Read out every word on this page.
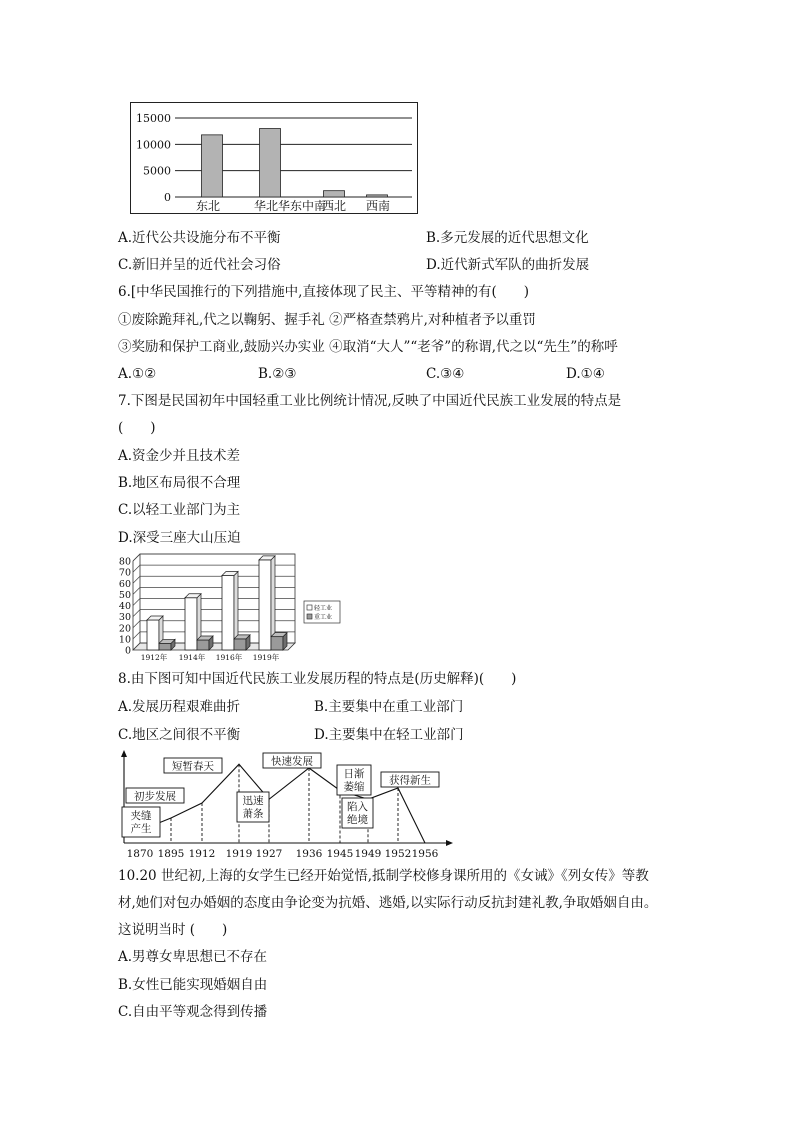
15000
10000
5000
0
东北	华北华东中南
西北 西南
A.近代公共设施分布不平衡	B.多元发展的近代思想文化
C.新旧并呈的近代社会习俗	D.近代新式军队的曲折发展
6.[中华民国推行的下列措施中,直接体现了民主、平等精神的有(　　)
①废除跪拜礼,代之以鞠躬、握手礼 ②严格查禁鸦片,对种植者予以重罚
③奖励和保护工商业,鼓励兴办实业 ④取消“大人”“老爷”的称谓,代之以“先生”的称呼
A.①②	B.②③	C.③④	D.①④
7.下图是民国初年中国轻重工业比例统计情况,反映了中国近代民族工业发展的特点是
(　　)
A.资金少并且技术差
B.地区布局很不合理
C.以轻工业部门为主
D.深受三座大山压迫
80
70
60
50
40
30
20
10
0
1912年 1914年 1916年 1919年
轻工业
重工业
8.由下图可知中国近代民族工业发展历程的特点是(历史解释)(　　)
A.发展历程艰难曲折	B.主要集中在重工业部门
C.地区之间很不平衡	D.主要集中在轻工业部门
夹缝
产生
初步发展
短暂春天
迅速
萧条
快速发展
日渐
萎缩
陷入
绝境
获得新生
1870 1895 1912 1919 1927 1936 1945 1949 1952 1956
10.20 世纪初,上海的女学生已经开始觉悟,抵制学校修身课所用的《女诫》《列女传》等教
材,她们对包办婚姻的态度由争论变为抗婚、逃婚,以实际行动反抗封建礼教,争取婚姻自由。
这说明当时 (　　)
A.男尊女卑思想已不存在
B.女性已能实现婚姻自由
C.自由平等观念得到传播
